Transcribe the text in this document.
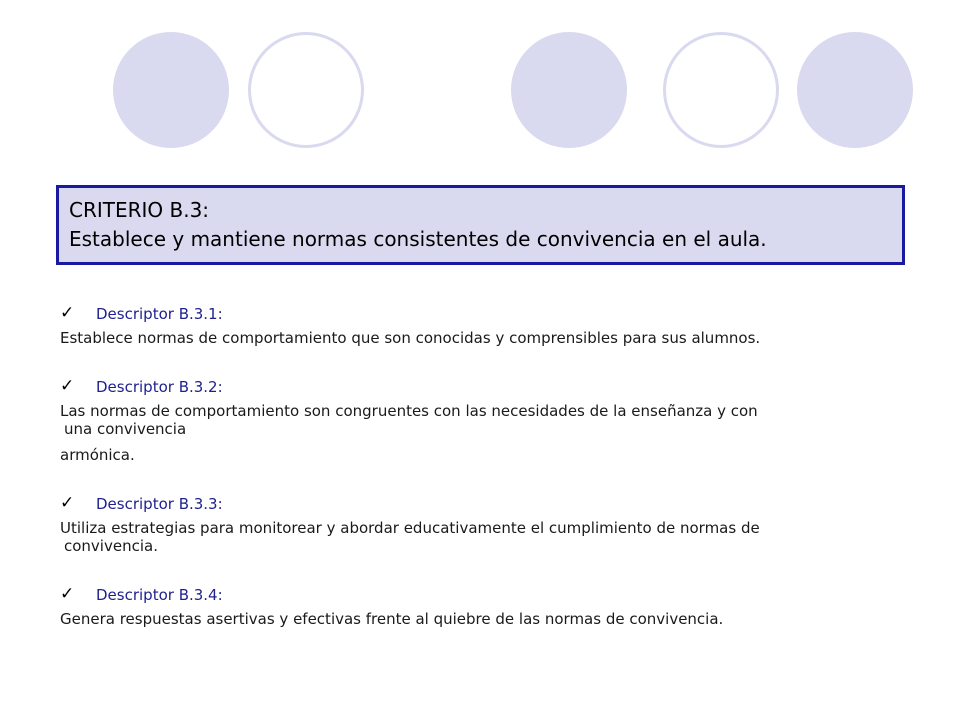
CRITERIO B.3:
Establece y mantiene normas consistentes de convivencia en el aula.
✓ Descriptor B.3.1:
Establece normas de comportamiento que son conocidas y comprensibles para sus alumnos.
✓ Descriptor B.3.2:
Las normas de comportamiento son congruentes con las necesidades de la enseñanza y con
una convivencia
armónica.
✓ Descriptor B.3.3:
Utiliza estrategias para monitorear y abordar educativamente el cumplimiento de normas de
convivencia.
✓ Descriptor B.3.4:
Genera respuestas asertivas y efectivas frente al quiebre de las normas de convivencia.
